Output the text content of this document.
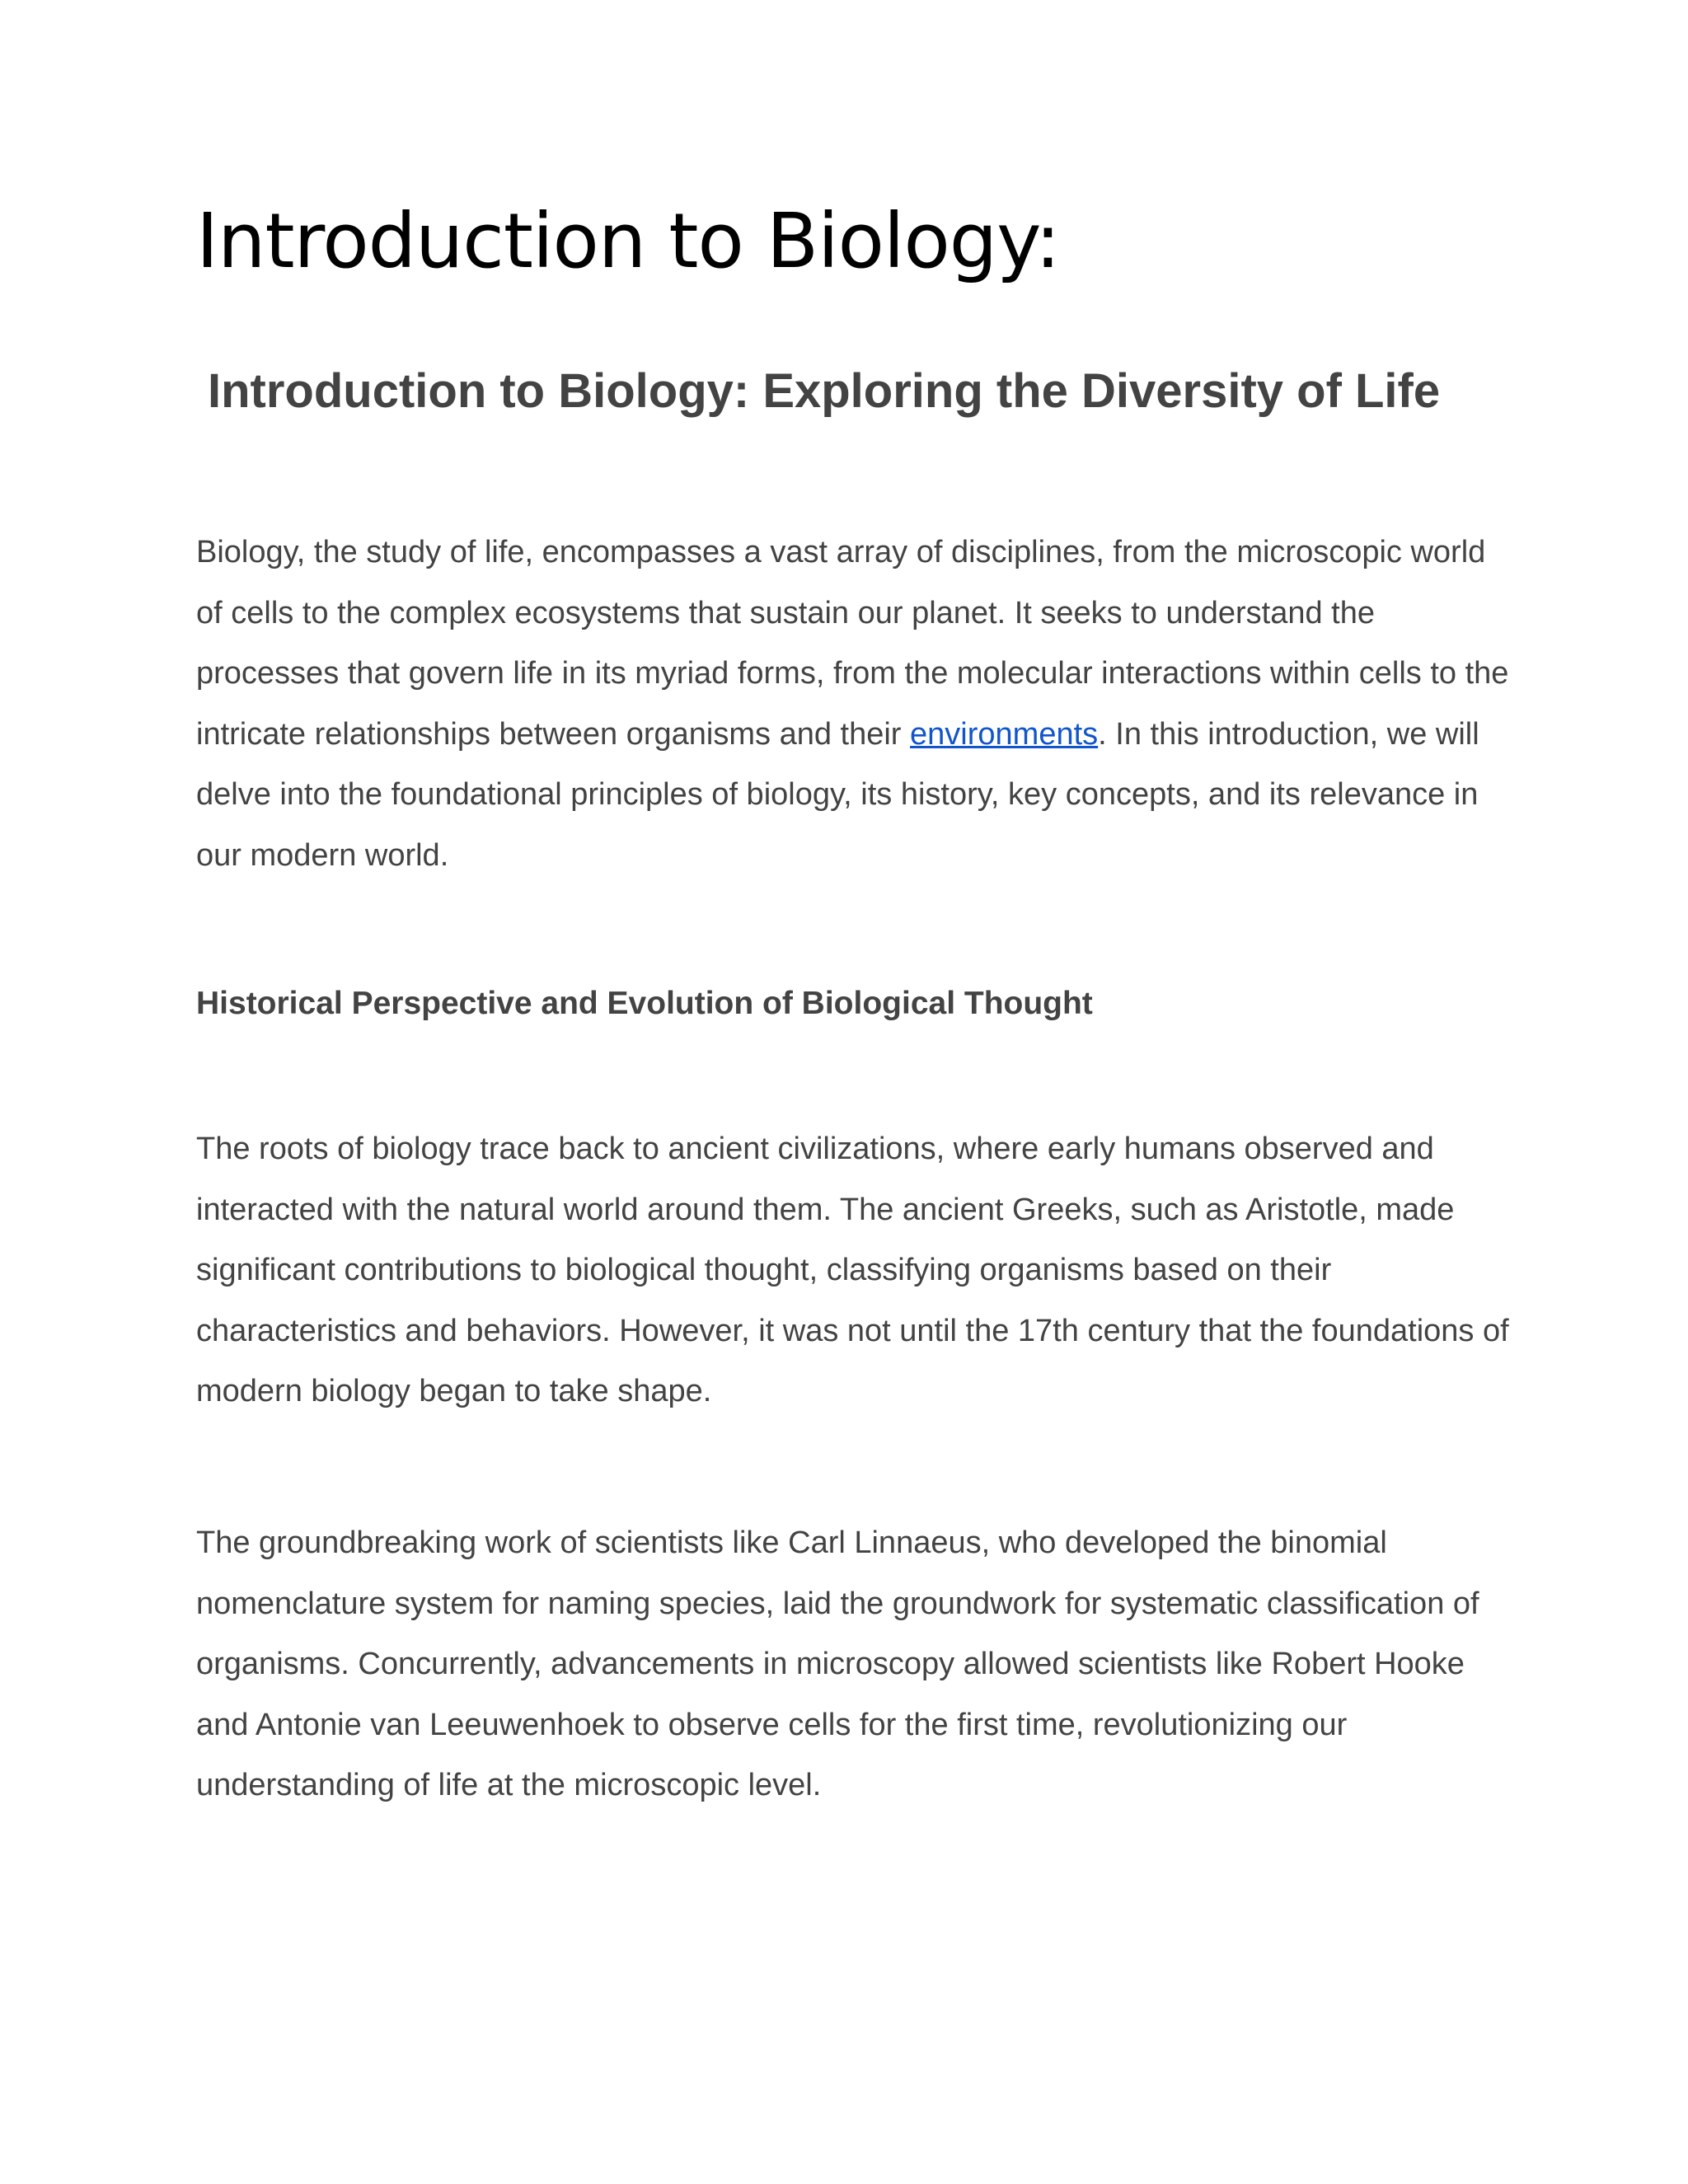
Introduction to Biology:
Introduction to Biology: Exploring the Diversity of Life

Biology, the study of life, encompasses a vast array of disciplines, from the microscopic world of cells to the complex ecosystems that sustain our planet. It seeks to understand the processes that govern life in its myriad forms, from the molecular interactions within cells to the intricate relationships between organisms and their environments. In this introduction, we will delve into the foundational principles of biology, its history, key concepts, and its relevance in our modern world.

Historical Perspective and Evolution of Biological Thought

The roots of biology trace back to ancient civilizations, where early humans observed and interacted with the natural world around them. The ancient Greeks, such as Aristotle, made significant contributions to biological thought, classifying organisms based on their characteristics and behaviors. However, it was not until the 17th century that the foundations of modern biology began to take shape.

The groundbreaking work of scientists like Carl Linnaeus, who developed the binomial nomenclature system for naming species, laid the groundwork for systematic classification of organisms. Concurrently, advancements in microscopy allowed scientists like Robert Hooke and Antonie van Leeuwenhoek to observe cells for the first time, revolutionizing our understanding of life at the microscopic level.
